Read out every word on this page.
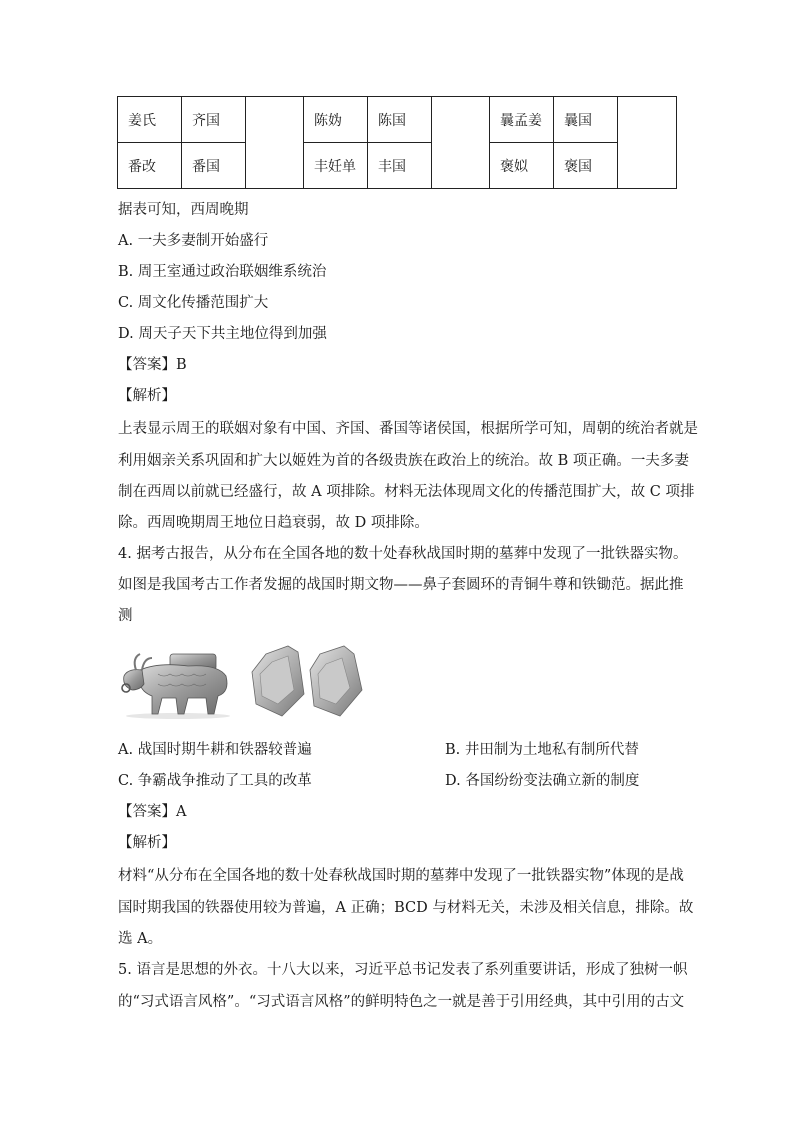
姜氏	齐国		陈妫	陈国		曩孟姜	曩国	
番改	番国		丰妊单	丰国		褒姒	褒国	
据表可知，西周晚期
A. 一夫多妻制开始盛行
B. 周王室通过政治联姻维系统治
C. 周文化传播范围扩大
D. 周天子天下共主地位得到加强
【答案】B
【解析】
上表显示周王的联姻对象有中国、齐国、番国等诸侯国，根据所学可知，周朝的统治者就是
利用姻亲关系巩固和扩大以姬姓为首的各级贵族在政治上的统治。故 B 项正确。一夫多妻
制在西周以前就已经盛行，故 A 项排除。材料无法体现周文化的传播范围扩大，故 C 项排
除。西周晚期周王地位日趋衰弱，故 D 项排除。
4. 据考古报告，从分布在全国各地的数十处春秋战国时期的墓葬中发现了一批铁器实物。
如图是我国考古工作者发掘的战国时期文物——鼻子套圆环的青铜牛尊和铁锄范。据此推
测
A. 战国时期牛耕和铁器较普遍	B. 井田制为土地私有制所代替
C. 争霸战争推动了工具的改革	D. 各国纷纷变法确立新的制度
【答案】A
【解析】
材料“从分布在全国各地的数十处春秋战国时期的墓葬中发现了一批铁器实物”体现的是战
国时期我国的铁器使用较为普遍，A 正确；BCD 与材料无关，未涉及相关信息，排除。故
选 A。
5. 语言是思想的外衣。十八大以来，习近平总书记发表了系列重要讲话，形成了独树一帜
的“习式语言风格”。“习式语言风格”的鲜明特色之一就是善于引用经典，其中引用的古文
